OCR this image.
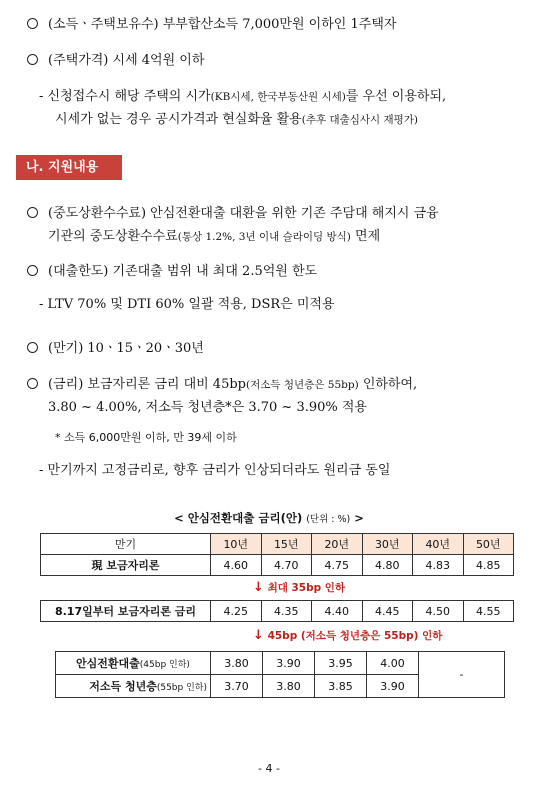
(소득ㆍ주택보유수) 부부합산소득 7,000만원 이하인 1주택자
(주택가격) 시세 4억원 이하
- 신청접수시 해당 주택의 시가(KB시세, 한국부동산원 시세)를 우선 이용하되,
시세가 없는 경우 공시가격과 현실화율 활용(추후 대출심사시 재평가)
나. 지원내용
(중도상환수수료) 안심전환대출 대환을 위한 기존 주담대 해지시 금융
기관의 중도상환수수료(통상 1.2%, 3년 이내 슬라이딩 방식) 면제
(대출한도) 기존대출 범위 내 최대 2.5억원 한도
- LTV 70% 및 DTI 60% 일괄 적용, DSR은 미적용
(만기) 10ㆍ15ㆍ20ㆍ30년
(금리) 보금자리론 금리 대비 45bp(저소득 청년층은 55bp) 인하하여,
3.80 ~ 4.00%, 저소득 청년층*은 3.70 ~ 3.90% 적용
* 소득 6,000만원 이하, 만 39세 이하
- 만기까지 고정금리로, 향후 금리가 인상되더라도 원리금 동일
< 안심전환대출 금리(안) (단위 : %) >
만기	10년	15년	20년	30년	40년	50년
現 보금자리론	4.60	4.70	4.75	4.80	4.83	4.85
↓ 최대 35bp 인하
8.17일부터 보금자리론 금리	4.25	4.35	4.40	4.45	4.50	4.55
↓ 45bp (저소득 청년층은 55bp) 인하
안심전환대출(45bp 인하)	3.80	3.90	3.95	4.00	-
저소득 청년층(55bp 인하)	3.70	3.80	3.85	3.90	
- 4 -
